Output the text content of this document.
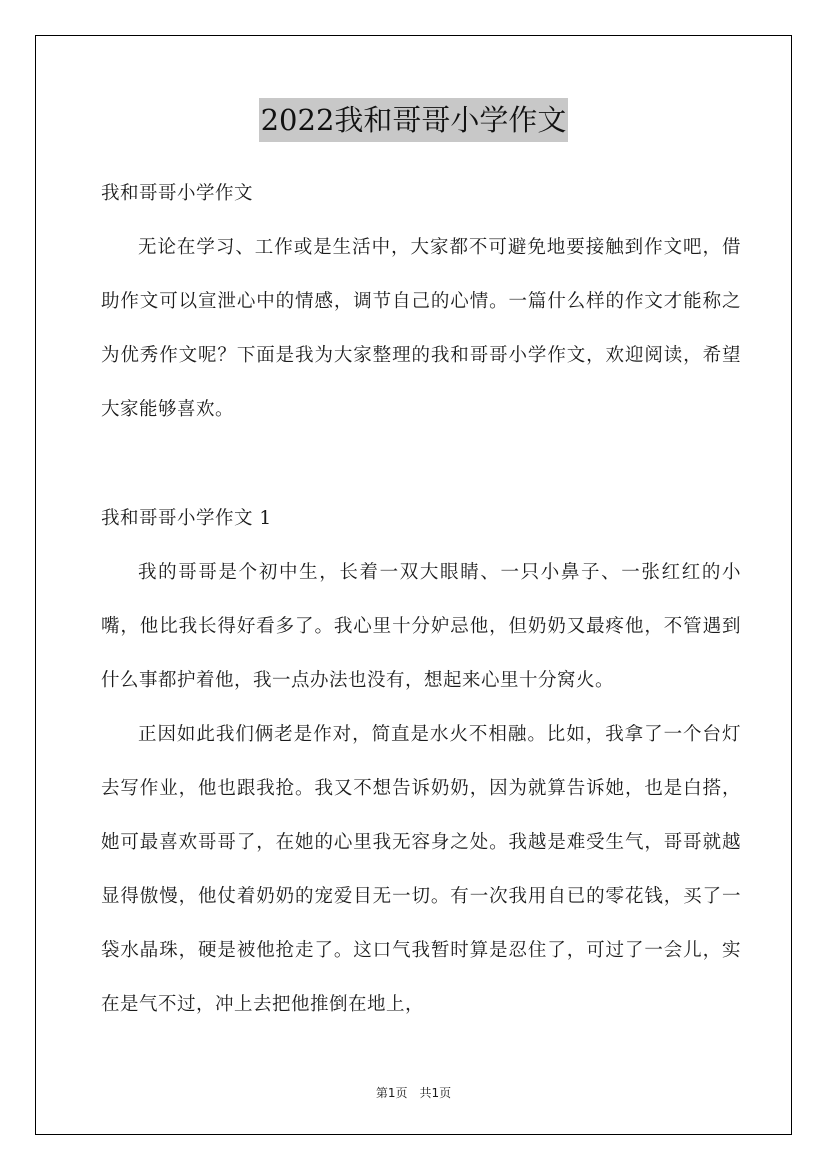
2022我和哥哥小学作文
我和哥哥小学作文

无论在学习、工作或是生活中，大家都不可避免地要接触到作文吧，借助作文可以宣泄心中的情感，调节自己的心情。一篇什么样的作文才能称之为优秀作文呢？下面是我为大家整理的我和哥哥小学作文，欢迎阅读，希望大家能够喜欢。

我和哥哥小学作文 1

我的哥哥是个初中生，长着一双大眼睛、一只小鼻子、一张红红的小嘴，他比我长得好看多了。我心里十分妒忌他，但奶奶又最疼他，不管遇到什么事都护着他，我一点办法也没有，想起来心里十分窝火。

正因如此我们俩老是作对，简直是水火不相融。比如，我拿了一个台灯去写作业，他也跟我抢。我又不想告诉奶奶，因为就算告诉她，也是白搭，她可最喜欢哥哥了，在她的心里我无容身之处。我越是难受生气，哥哥就越显得傲慢，他仗着奶奶的宠爱目无一切。有一次我用自已的零花钱，买了一袋水晶珠，硬是被他抢走了。这口气我暂时算是忍住了，可过了一会儿，实在是气不过，冲上去把他推倒在地上，

第1页　共1页
